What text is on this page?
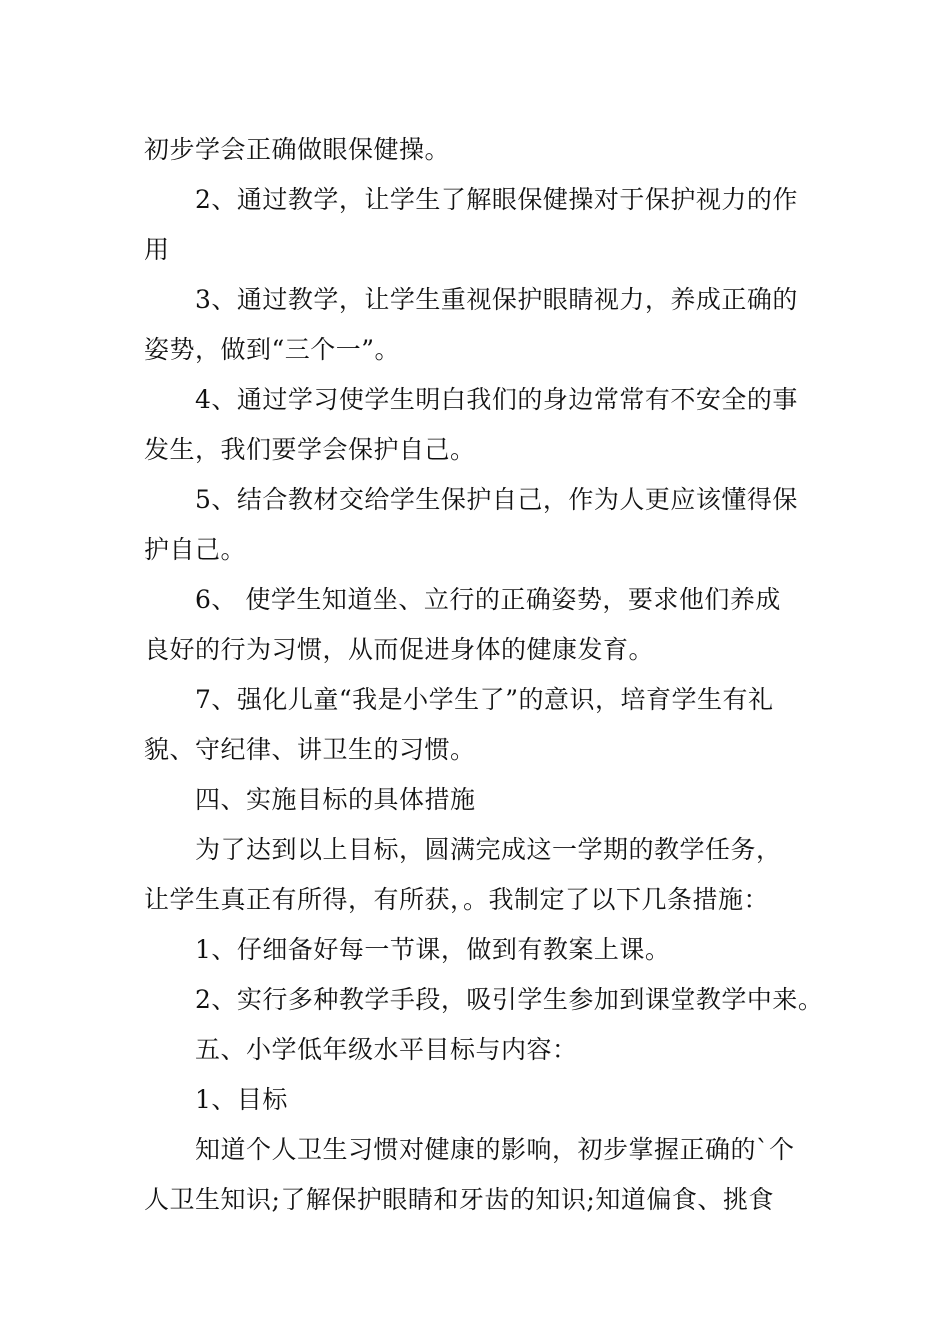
初步学会正确做眼保健操。
2、通过教学，让学生了解眼保健操对于保护视力的作
用
3、通过教学，让学生重视保护眼睛视力，养成正确的
姿势，做到“三个一”。
4、通过学习使学生明白我们的身边常常有不安全的事
发生，我们要学会保护自己。
5、结合教材交给学生保护自己，作为人更应该懂得保
护自己。
6、 使学生知道坐、立行的正确姿势，要求他们养成
良好的行为习惯，从而促进身体的健康发育。
7、强化儿童“我是小学生了”的意识，培育学生有礼
貌、守纪律、讲卫生的习惯。
四、实施目标的具体措施
为了达到以上目标，圆满完成这一学期的教学任务，
让学生真正有所得，有所获，。我制定了以下几条措施：
1、仔细备好每一节课，做到有教案上课。
2、实行多种教学手段，吸引学生参加到课堂教学中来。
五、小学低年级水平目标与内容：
1、目标
知道个人卫生习惯对健康的影响，初步掌握正确的`个
人卫生知识;了解保护眼睛和牙齿的知识;知道偏食、挑食
